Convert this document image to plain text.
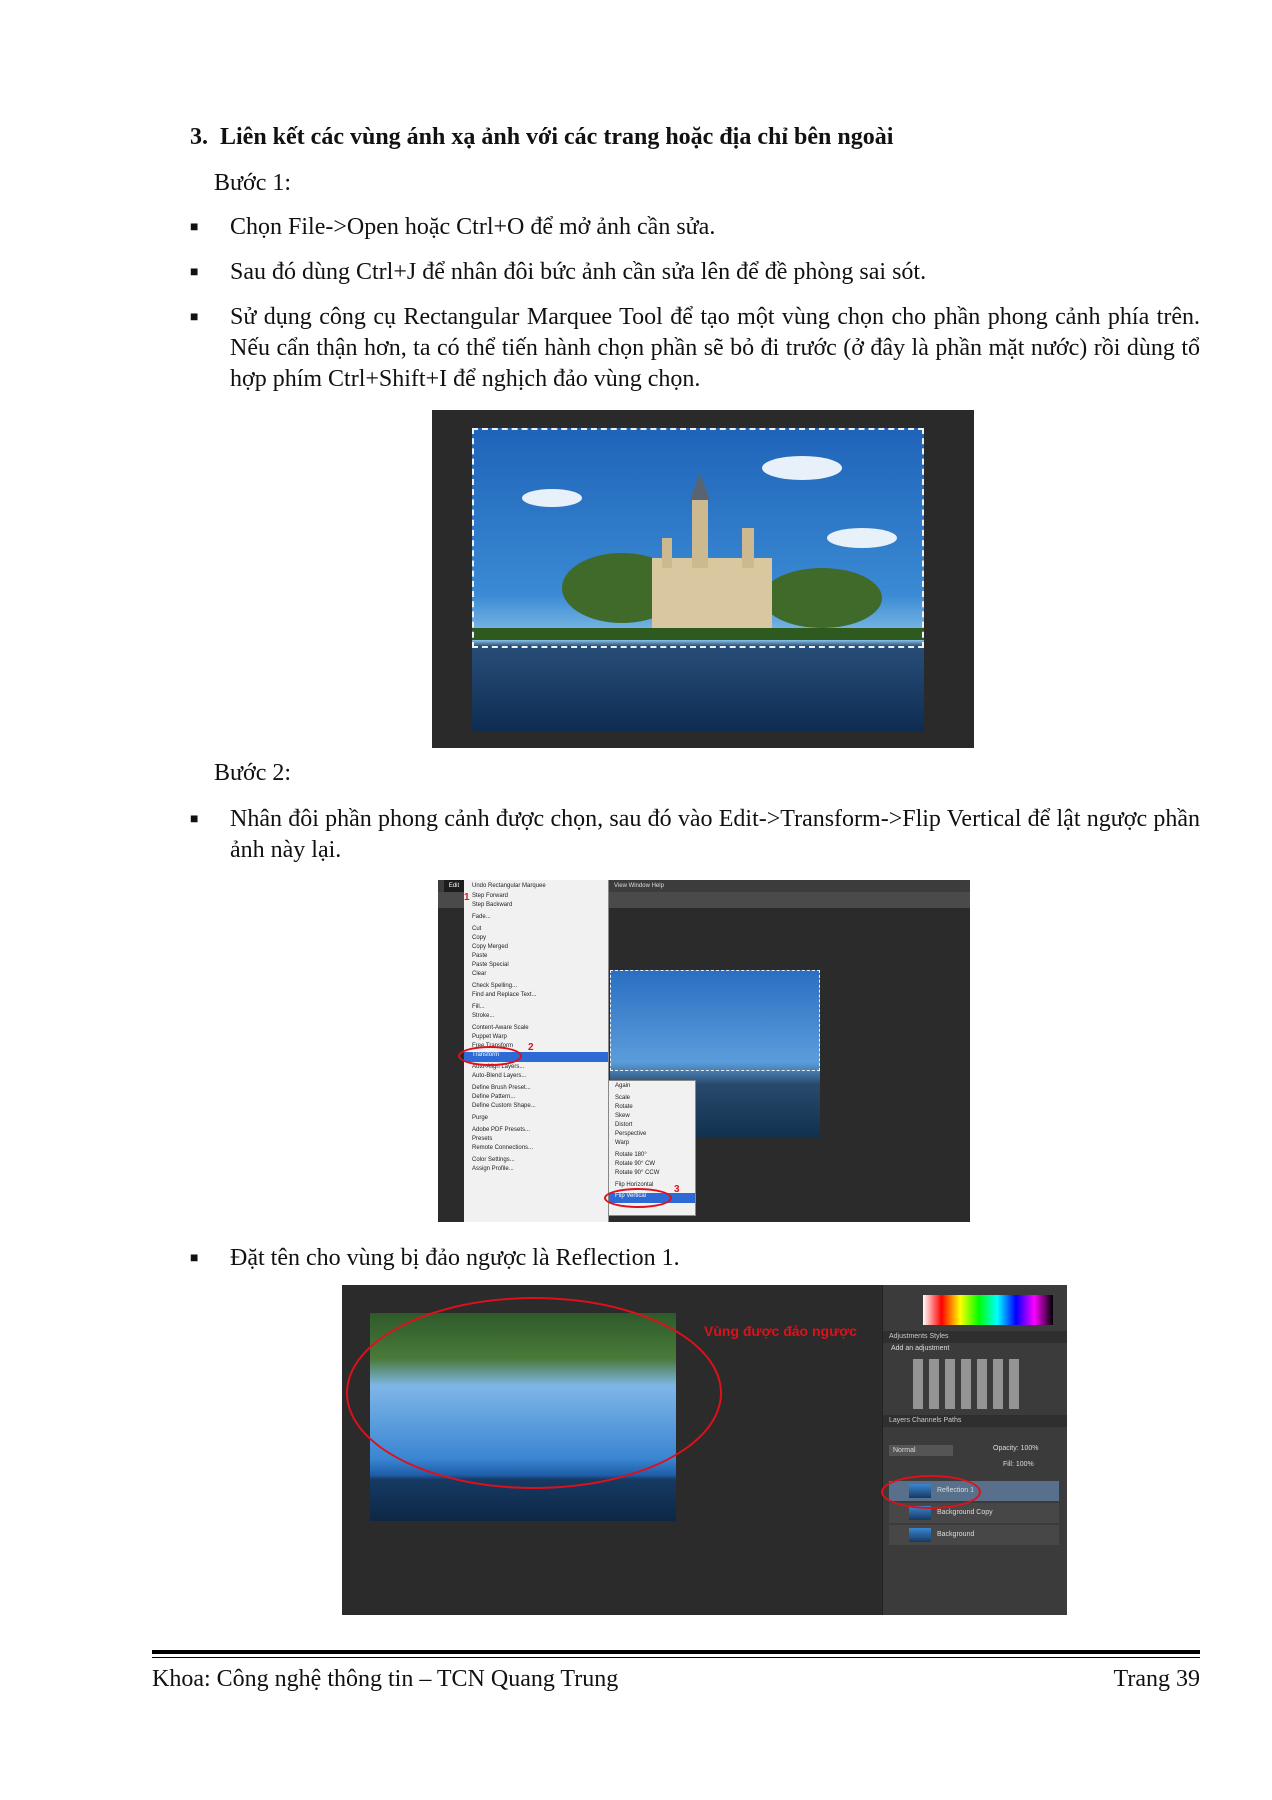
3.  Liên kết các vùng ánh xạ ảnh với các trang hoặc địa chỉ bên ngoài
Bước 1:
■ Chọn File->Open hoặc Ctrl+O để mở ảnh cần sửa.
■ Sau đó dùng Ctrl+J để nhân đôi bức ảnh cần sửa lên để đề phòng sai sót.
■ Sử dụng công cụ Rectangular Marquee Tool để tạo một vùng chọn cho phần phong cảnh phía trên. Nếu cẩn thận hơn, ta có thể tiến hành chọn phần sẽ bỏ đi trước (ở đây là phần mặt nước) rồi dùng tổ hợp phím Ctrl+Shift+I để nghịch đảo vùng chọn.
Bước 2:
■ Nhân đôi phần phong cảnh được chọn, sau đó vào Edit->Transform->Flip Vertical để lật ngược phần ảnh này lại.
Edit	View Window Help
Undo Rectangular Marquee
Step Forward
Step Backward
Fade...
Cut
Copy
Copy Merged
Paste
Paste Special
Clear
Check Spelling...
Find and Replace Text...
Fill...
Stroke...
Content-Aware Scale
Puppet Warp
Free Transform
Transform
Auto-Align Layers...
Auto-Blend Layers...
Define Brush Preset...
Define Pattern...
Define Custom Shape...
Purge
Adobe PDF Presets...
Presets
Remote Connections...
Color Settings...
Assign Profile...
Again
Scale
Rotate
Skew
Distort
Perspective
Warp
Rotate 180°
Rotate 90° CW
Rotate 90° CCW
Flip Horizontal
Flip Vertical
1
2
3
■ Đặt tên cho vùng bị đảo ngược là Reflection 1.
Vùng được đảo ngược	Adjustments Styles
Add an adjustment
Layers Channels Paths
Normal	Opacity: 100%
Fill: 100%
Reflection 1
Background Copy
Background
Khoa: Công nghệ thông tin – TCN Quang Trung	Trang 39
